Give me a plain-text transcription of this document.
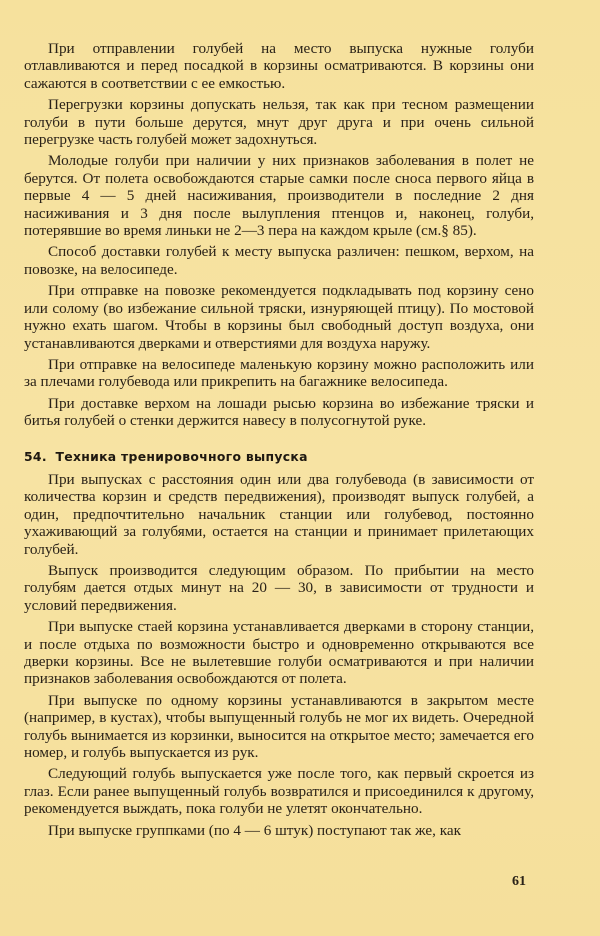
При отправлении голубей на место выпуска нужные голуби отлавливаются и перед посадкой в корзины осматриваются. В корзины они сажаются в соответствии с ее емкостью.

Перегрузки корзины допускать нельзя, так как при тесном размещении голуби в пути больше дерутся, мнут друг друга и при очень сильной перегрузке часть голубей может задохнуться.

Молодые голуби при наличии у них признаков заболевания в полет не берутся. От полета освобождаются старые самки после сноса первого яйца в первые 4 — 5 дней насиживания, производители в последние 2 дня насиживания и 3 дня после вылупления птенцов и, наконец, голуби, потерявшие во время линьки не 2—3 пера на каждом крыле (см.§ 85).

Способ доставки голубей к месту выпуска различен: пешком, верхом, на повозке, на велосипеде.

При отправке на повозке рекомендуется подкладывать под корзину сено или солому (во избежание сильной тряски, изнуряющей птицу). По мостовой нужно ехать шагом. Чтобы в корзины был свободный доступ воздуха, они устанавливаются дверками и отверстиями для воздуха наружу.

При отправке на велосипеде маленькую корзину можно расположить или за плечами голубевода или прикрепить на багажнике велосипеда.

При доставке верхом на лошади рысью корзина во избежание тряски и битья голубей о стенки держится навесу в полусогнутой руке.

54. Техника тренировочного выпуска

При выпусках с расстояния один или два голубевода (в зависимости от количества корзин и средств передвижения), производят выпуск голубей, а один, предпочтительно начальник станции или голубевод, постоянно ухаживающий за голубями, остается на станции и принимает прилетающих голубей.

Выпуск производится следующим образом. По прибытии на место голубям дается отдых минут на 20 — 30, в зависимости от трудности и условий передвижения.

При выпуске стаей корзина устанавливается дверками в сторону станции, и после отдыха по возможности быстро и одновременно открываются все дверки корзины. Все не вылетевшие голуби осматриваются и при наличии признаков заболевания освобождаются от полета.

При выпуске по одному корзины устанавливаются в закрытом месте (например, в кустах), чтобы выпущенный голубь не мог их видеть. Очередной голубь вынимается из корзинки, выносится на открытое место; замечается его номер, и голубь выпускается из рук.

Следующий голубь выпускается уже после того, как первый скроется из глаз. Если ранее выпущенный голубь возвратился и присоединился к другому, рекомендуется выждать, пока голуби не улетят окончательно.

При выпуске группками (по 4 — 6 штук) поступают так же, как

61
